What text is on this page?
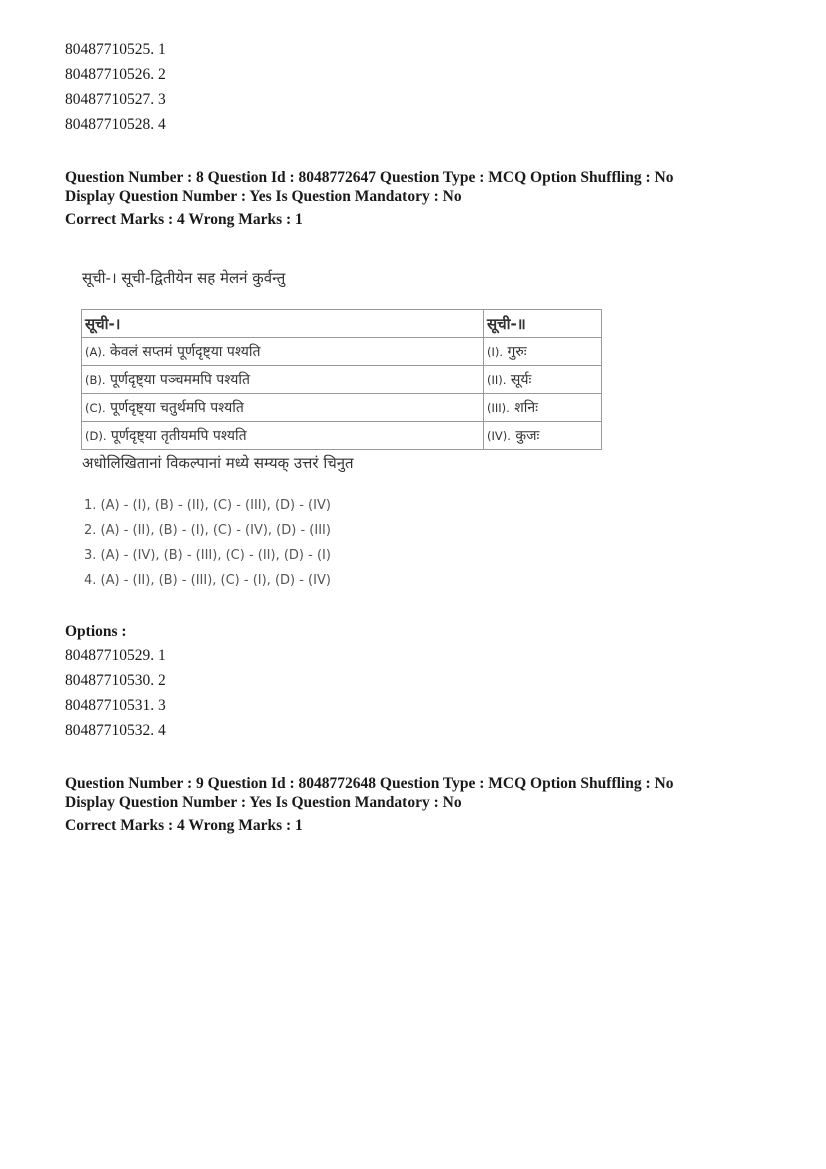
80487710525. 1
80487710526. 2
80487710527. 3
80487710528. 4
Question Number : 8 Question Id : 8048772647 Question Type : MCQ Option Shuffling : No
Display Question Number : Yes Is Question Mandatory : No
Correct Marks : 4 Wrong Marks : 1
सूची-। सूची-द्वितीयेन सह मेलनं कुर्वन्तु
सूची-।	सूची-॥
(A). केवलं सप्तमं पूर्णदृष्ट्या पश्यति	(I). गुरुः
(B). पूर्णदृष्ट्या पञ्चममपि पश्यति	(II). सूर्यः
(C). पूर्णदृष्ट्या चतुर्थमपि पश्यति	(III). शनिः
(D). पूर्णदृष्ट्या तृतीयमपि पश्यति	(IV). कुजः
अधोलिखितानां विकल्पानां मध्ये सम्यक् उत्तरं चिनुत
1. (A) - (I), (B) - (II), (C) - (III), (D) - (IV)
2. (A) - (II), (B) - (I), (C) - (IV), (D) - (III)
3. (A) - (IV), (B) - (III), (C) - (II), (D) - (I)
4. (A) - (II), (B) - (III), (C) - (I), (D) - (IV)
Options :
80487710529. 1
80487710530. 2
80487710531. 3
80487710532. 4
Question Number : 9 Question Id : 8048772648 Question Type : MCQ Option Shuffling : No
Display Question Number : Yes Is Question Mandatory : No
Correct Marks : 4 Wrong Marks : 1
